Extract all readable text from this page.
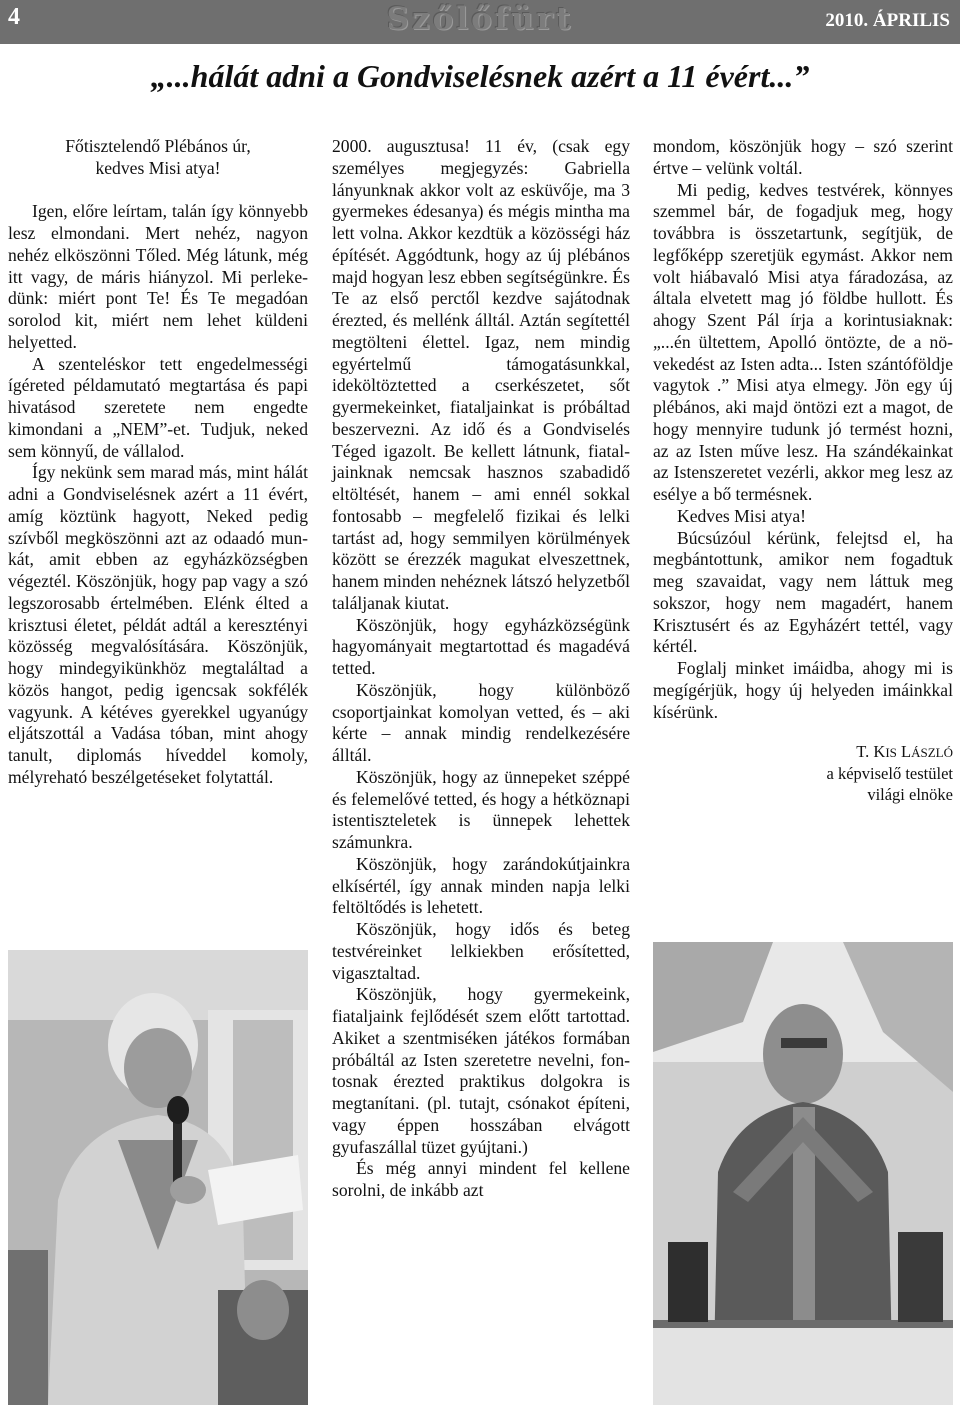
4	Szőlőfürt	2010. ÁPRILIS
„...hálát adni a Gondviselésnek azért a 11 évért...”

Főtisztelendő Plébános úr,

kedves Misi atya!

Igen, előre leírtam, talán így könnyebb lesz elmondani. Mert nehéz, nagyon nehéz elköszönni Tőled. Még látunk, még itt vagy, de máris hiányzol. Mi perlekedünk: miért pont Te! És Te megadóan sorolod kit, miért nem lehet küldeni helyetted.

A szenteléskor tett engedelmességi ígéreted példamutató megtartása és papi hivatásod szeretete nem engedte kimondani a „NEM”-et. Tudjuk, neked sem könnyű, de vállalod.

Így nekünk sem marad más, mint hálát adni a Gondviselésnek azért a 11 évért, amíg köztünk hagyott, Neked pedig szívből megköszönni azt az odaadó munkát, amit ebben az egyházközségben végeztél. Köszönjük, hogy pap vagy a szó legszorosabb értelmében. Elénk élted a krisztusi életet, példát adtál a keresztényi közösség megvalósítására. Köszönjük, hogy mindegyikünkhöz megtaláltad a közös hangot, pedig igencsak sokfélék vagyunk. A kétéves gyerekkel ugyanúgy eljátszottál a Vadása tóban, mint ahogy tanult, diplomás híveddel komoly, mélyreható beszélgetéseket folytattál.

2000. augusztusa! 11 év, (csak egy személyes megjegyzés: Gabriella lányunknak akkor volt az esküvője, ma 3 gyermekes édesanya) és mégis mintha ma lett volna. Akkor kezdtük a közösségi ház építését. Aggódtunk, hogy az új plébános majd hogyan lesz ebben segítségünkre. És Te az első perctől kezdve sajátodnak érezted, és mellénk álltál. Aztán segítettél megtölteni élettel. Igaz, nem mindig egyértelmű támogatásunkkal, ideköltöztetted a cserkészetet, sőt gyermekeinket, fiataljainkat is próbáltad beszervezni. Az idő és a Gondviselés Téged igazolt. Be kellett látnunk, fiataljainknak nemcsak hasznos szabadidő eltöltését, hanem – ami ennél sokkal fontosabb – megfelelő fizikai és lelki tartást ad, hogy semmilyen körülmények között se érezzék magukat elveszettnek, hanem minden nehéznek látszó helyzetből találjanak kiutat.

Köszönjük, hogy egyházközségünk hagyományait megtartottad és magadévá tetted.

Köszönjük, hogy különböző csoportjainkat komolyan vetted, és – aki kérte – annak mindig rendelkezésére álltál.

Köszönjük, hogy az ünnepeket széppé és felemelővé tetted, és hogy a hétköznapi istentiszteletek is ünnepek lehettek számunkra.

Köszönjük, hogy zarándokútjainkra elkísértél, így annak minden napja lelki feltöltődés is lehetett.

Köszönjük, hogy idős és beteg testvéreinket lelkiekben erősítetted, vigasztaltad.

Köszönjük, hogy gyermekeink, fiataljaink fejlődését szem előtt tartottad. Akiket a szentmiséken játékos formában próbáltál az Isten szeretetre nevelni, fontosnak érezted praktikus dolgokra is megtanítani. (pl. tutajt, csónakot építeni, vagy éppen hosszában elvágott gyufaszállal tüzet gyújtani.)

És még annyi mindent fel kellene sorolni, de inkább azt

mondom, köszönjük hogy – szó szerint értve – velünk voltál.

Mi pedig, kedves testvérek, könnyes szemmel bár, de fogadjuk meg, hogy továbbra is összetartunk, segítjük, de legfőképp szeretjük egymást. Akkor nem volt hiábavaló Misi atya fáradozása, az általa elvetett mag jó földbe hullott. És ahogy Szent Pál írja a korintusiaknak: „...én ültettem, Apolló öntözte, de a növekedést az Isten adta... Isten szántóföldje vagytok .” Misi atya elmegy. Jön egy új plébános, aki majd öntözi ezt a magot, de hogy mennyire tudunk jó termést hozni, az az Isten műve lesz. Ha szándékainkat az Istenszeretet vezérli, akkor meg lesz az esélye a bő termésnek.

Kedves Misi atya!

Búcsúzóul kérünk, felejtsd el, ha megbántottunk, amikor nem fogadtuk meg szavaidat, vagy nem láttuk meg sokszor, hogy nem magadért, hanem Krisztusért és az Egyházért tettél, vagy kértél.

Foglalj minket imáidba, ahogy mi is megígérjük, hogy új helyeden imáinkkal kísérünk.

T. KIS LÁSZLÓ

a képviselő testület

világi elnöke
